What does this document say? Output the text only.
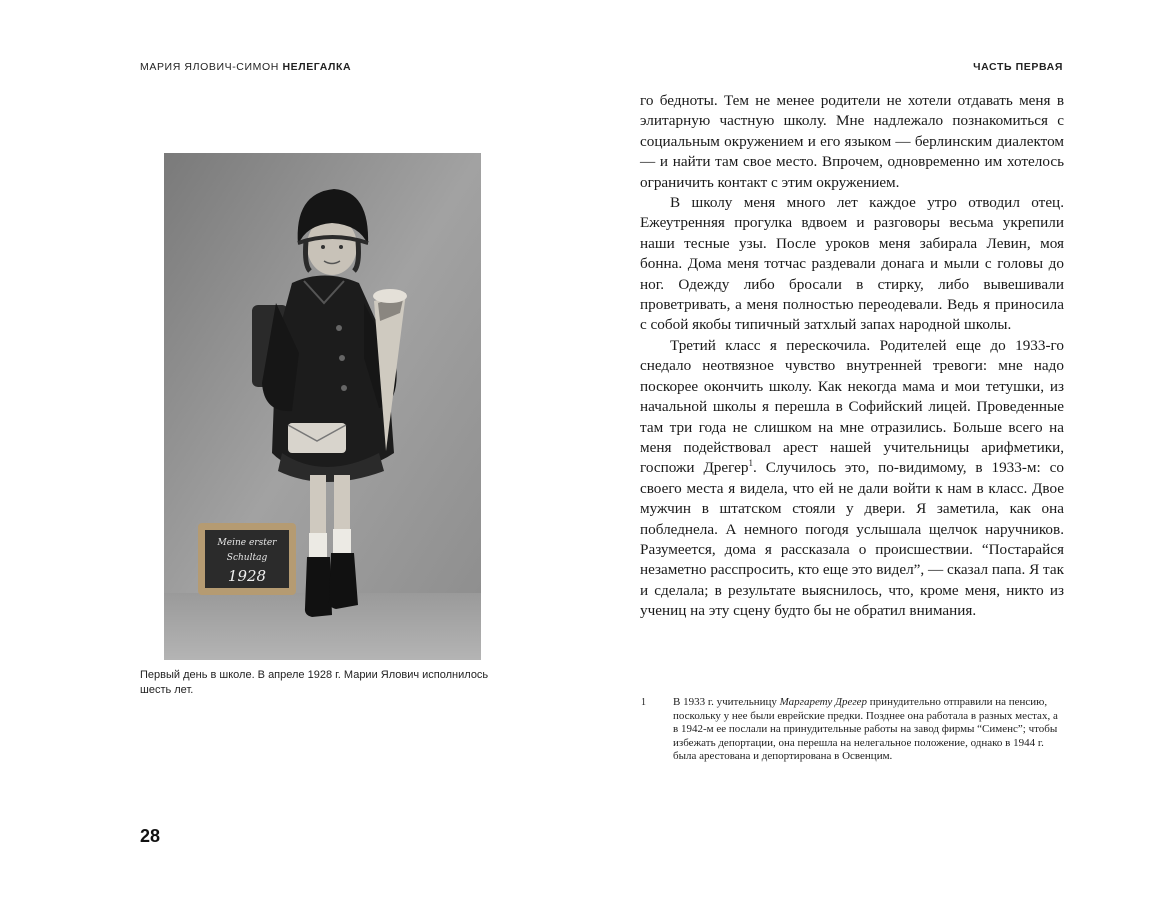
МАРИЯ ЯЛОВИЧ-СИМОН НЕЛЕГАЛКА	ЧАСТЬ ПЕРВАЯ
Meine erster
Schultag
1928
Первый день в школе. В апреле 1928 г. Марии Ялович исполнилось шесть лет.
28

го бедноты. Тем не менее родители не хотели отдавать меня в элитарную частную школу. Мне надлежало познакомиться с социальным окружением и его языком — берлинским диалектом — и найти там свое место. Впрочем, одновременно им хотелось ограничить контакт с этим окружением.

В школу меня много лет каждое утро отводил отец. Ежеутренняя прогулка вдвоем и разговоры весьма укрепили наши тесные узы. После уроков меня забирала Левин, моя бонна. Дома меня тотчас раздевали донага и мыли с головы до ног. Одежду либо бросали в стирку, либо вывешивали проветривать, а меня полностью переодевали. Ведь я приносила с собой якобы типичный затхлый запах народной школы.

Третий класс я перескочила. Родителей еще до 1933-го снедало неотвязное чувство внутренней тревоги: мне надо поскорее окончить школу. Как некогда мама и мои тетушки, из начальной школы я перешла в Софийский лицей. Проведенные там три года не слишком на мне отразились. Больше всего на меня подействовал арест нашей учительницы арифметики, госпожи Дрегер$^1$. Случилось это, по-видимому, в 1933-м: со своего места я видела, что ей не дали войти к нам в класс. Двое мужчин в штатском стояли у двери. Я заметила, как она побледнела. А немного погодя услышала щелчок наручников. Разумеется, дома я рассказала о происшествии. “Постарайся незаметно расспросить, кто еще это видел”, — сказал папа. Я так и сделала; в результате выяснилось, что, кроме меня, никто из учениц на эту сцену будто бы не обратил внимания.

1 В 1933 г. учительницу Маргарету Дрегер принудительно отправили на пенсию, поскольку у нее были еврейские предки. Позднее она работала в разных местах, а в 1942-м ее послали на принудительные работы на завод фирмы “Сименс”; чтобы избежать депортации, она перешла на нелегальное положение, однако в 1944 г. была арестована и депортирована в Освенцим.
